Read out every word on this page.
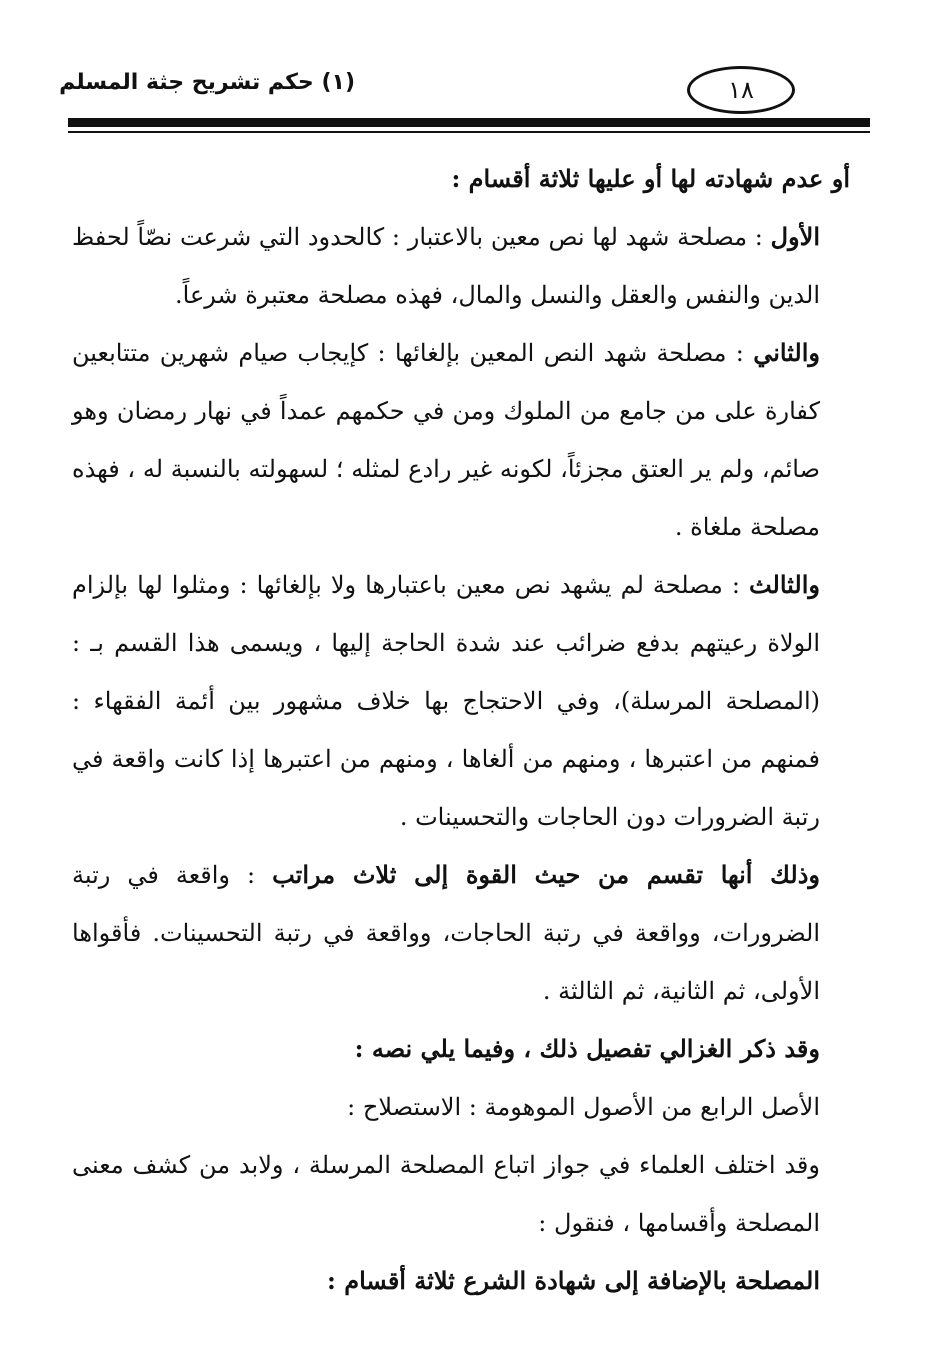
(١) حكم تشريح جثة المسلم	١٨

أو عدم شهادته لها أو عليها ثلاثة أقسام :

الأول : مصلحة شهد لها نص معين بالاعتبار : كالحدود التي شرعت نصّاً لحفظ الدين والنفس والعقل والنسل والمال، فهذه مصلحة معتبرة شرعاً.

والثاني : مصلحة شهد النص المعين بإلغائها : كإيجاب صيام شهرين متتابعين كفارة على من جامع من الملوك ومن في حكمهم عمداً في نهار رمضان وهو صائم، ولم ير العتق مجزئاً، لكونه غير رادع لمثله ؛ لسهولته بالنسبة له ، فهذه مصلحة ملغاة .

والثالث : مصلحة لم يشهد نص معين باعتبارها ولا بإلغائها : ومثلوا لها بإلزام الولاة رعيتهم بدفع ضرائب عند شدة الحاجة إليها ، ويسمى هذا القسم بـ :(المصلحة المرسلة)، وفي الاحتجاج بها خلاف مشهور بين أئمة الفقهاء : فمنهم من اعتبرها ، ومنهم من ألغاها ، ومنهم من اعتبرها إذا كانت واقعة في رتبة الضرورات دون الحاجات والتحسينات .

وذلك أنها تقسم من حيث القوة إلى ثلاث مراتب : واقعة في رتبة الضرورات، وواقعة في رتبة الحاجات، وواقعة في رتبة التحسينات. فأقواها الأولى، ثم الثانية، ثم الثالثة .

وقد ذكر الغزالي تفصيل ذلك ، وفيما يلي نصه :

الأصل الرابع من الأصول الموهومة : الاستصلاح :

وقد اختلف العلماء في جواز اتباع المصلحة المرسلة ، ولابد من كشف معنى المصلحة وأقسامها ، فنقول :

المصلحة بالإضافة إلى شهادة الشرع ثلاثة أقسام :
